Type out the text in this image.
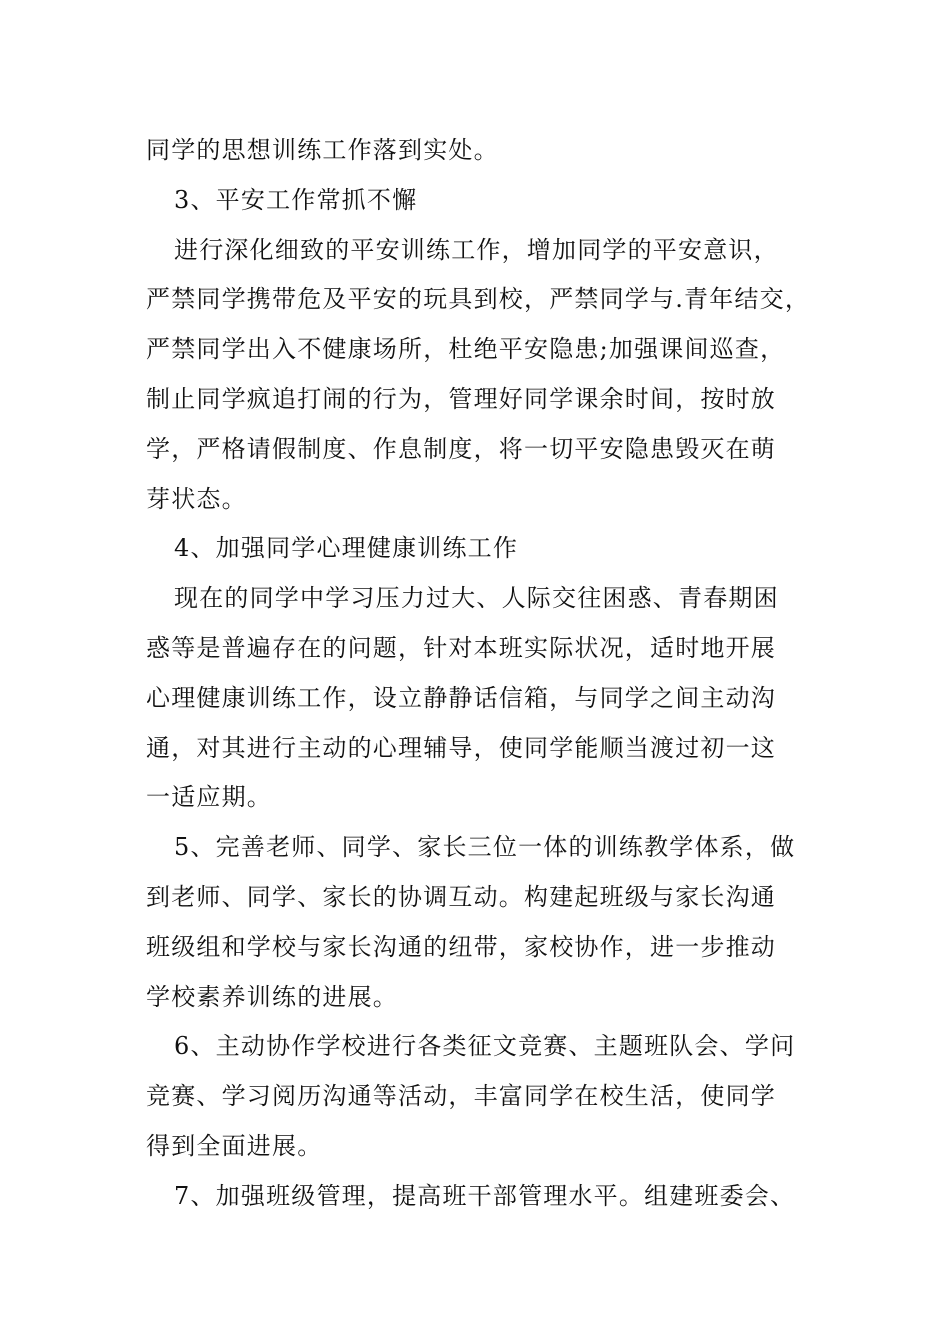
同学的思想训练工作落到实处。
3、平安工作常抓不懈
进行深化细致的平安训练工作，增加同学的平安意识，
严禁同学携带危及平安的玩具到校，严禁同学与.青年结交，
严禁同学出入不健康场所，杜绝平安隐患;加强课间巡查，
制止同学疯追打闹的行为，管理好同学课余时间，按时放
学，严格请假制度、作息制度，将一切平安隐患毁灭在萌
芽状态。
4、加强同学心理健康训练工作
现在的同学中学习压力过大、人际交往困惑、青春期困
惑等是普遍存在的问题，针对本班实际状况，适时地开展
心理健康训练工作，设立静静话信箱，与同学之间主动沟
通，对其进行主动的心理辅导，使同学能顺当渡过初一这
一适应期。
5、完善老师、同学、家长三位一体的训练教学体系，做
到老师、同学、家长的协调互动。构建起班级与家长沟通
班级组和学校与家长沟通的纽带，家校协作，进一步推动
学校素养训练的进展。
6、主动协作学校进行各类征文竞赛、主题班队会、学问
竞赛、学习阅历沟通等活动，丰富同学在校生活，使同学
得到全面进展。
7、加强班级管理，提高班干部管理水平。组建班委会、
